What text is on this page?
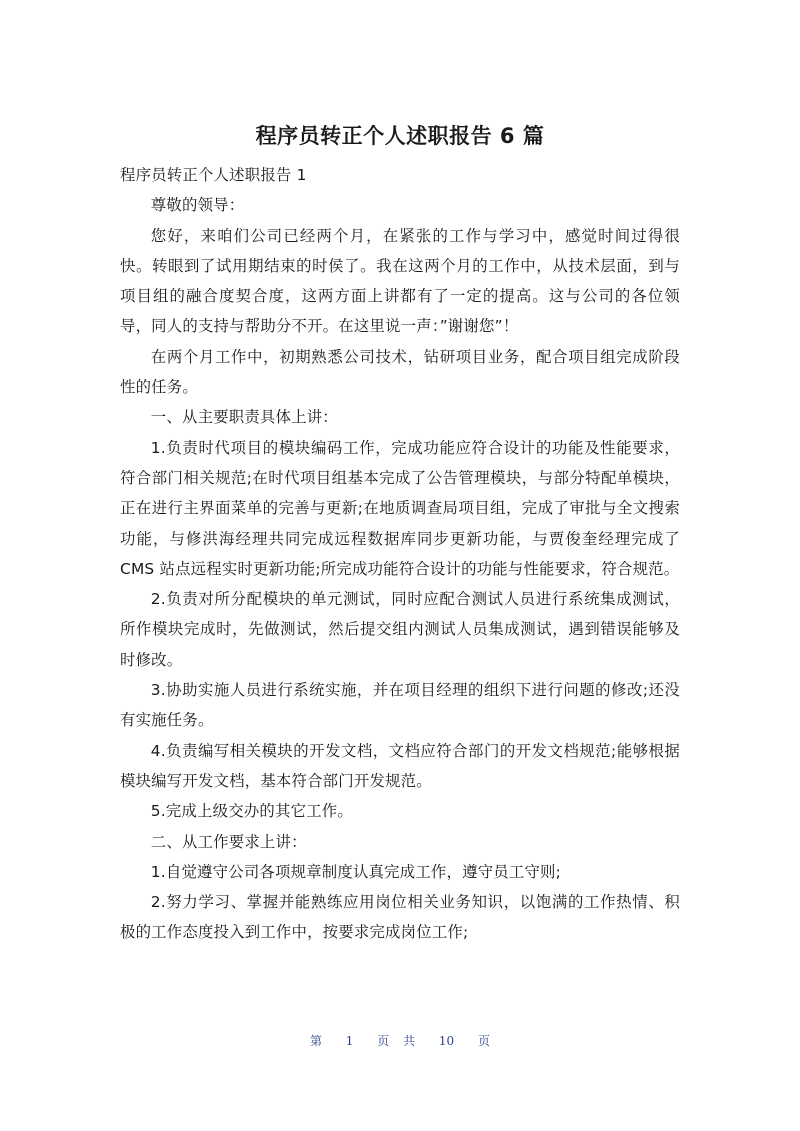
程序员转正个人述职报告 6 篇

程序员转正个人述职报告 1

尊敬的领导：

您好，来咱们公司已经两个月，在紧张的工作与学习中，感觉时间过得很快。转眼到了试用期结束的时侯了。我在这两个月的工作中，从技术层面，到与项目组的融合度契合度，这两方面上讲都有了一定的提高。这与公司的各位领导，同人的支持与帮助分不开。在这里说一声：”谢谢您”！

在两个月工作中，初期熟悉公司技术，钻研项目业务，配合项目组完成阶段性的任务。

一、从主要职责具体上讲：

1.负责时代项目的模块编码工作，完成功能应符合设计的功能及性能要求，符合部门相关规范;在时代项目组基本完成了公告管理模块，与部分特配单模块，正在进行主界面菜单的完善与更新;在地质调查局项目组，完成了审批与全文搜索功能，与修洪海经理共同完成远程数据库同步更新功能，与贾俊奎经理完成了 CMS 站点远程实时更新功能;所完成功能符合设计的功能与性能要求，符合规范。

2.负责对所分配模块的单元测试，同时应配合测试人员进行系统集成测试，所作模块完成时，先做测试，然后提交组内测试人员集成测试，遇到错误能够及时修改。

3.协助实施人员进行系统实施，并在项目经理的组织下进行问题的修改;还没有实施任务。

4.负责编写相关模块的开发文档，文档应符合部门的开发文档规范;能够根据模块编写开发文档，基本符合部门开发规范。

5.完成上级交办的其它工作。

二、从工作要求上讲：

1.自觉遵守公司各项规章制度认真完成工作，遵守员工守则;

2.努力学习、掌握并能熟练应用岗位相关业务知识，以饱满的工作热情、积极的工作态度投入到工作中，按要求完成岗位工作;

第 1 页 共 10 页
